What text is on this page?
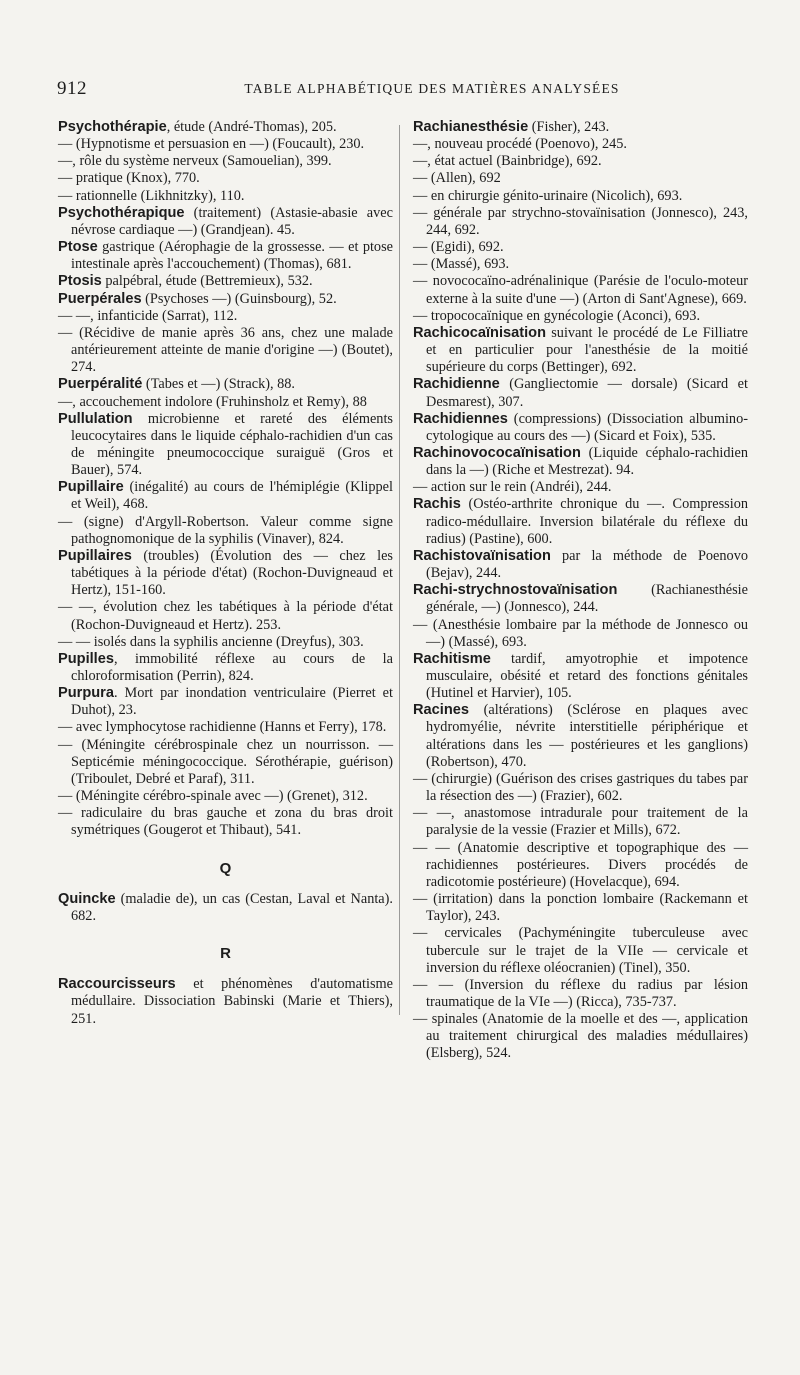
912	TABLE ALPHABÉTIQUE DES MATIÈRES ANALYSÉES

Psychothérapie, étude (André-Thomas), 205.

— (Hypnotisme et persuasion en —) (Foucault), 230.

—, rôle du système nerveux (Samouelian), 399.

— pratique (Knox), 770.

— rationnelle (Likhnitzky), 110.

Psychothérapique (traitement) (Astasie-abasie avec névrose cardiaque —) (Grandjean). 45.

Ptose gastrique (Aérophagie de la grossesse. — et ptose intestinale après l'accouchement) (Thomas), 681.

Ptosis palpébral, étude (Bettremieux), 532.

Puerpérales (Psychoses —) (Guinsbourg), 52.

— —, infanticide (Sarrat), 112.

— (Récidive de manie après 36 ans, chez une malade antérieurement atteinte de manie d'origine —) (Boutet), 274.

Puerpéralité (Tabes et —) (Strack), 88.

—, accouchement indolore (Fruhinsholz et Remy), 88

Pullulation microbienne et rareté des éléments leucocytaires dans le liquide céphalo-rachidien d'un cas de méningite pneumococcique suraiguë (Gros et Bauer), 574.

Pupillaire (inégalité) au cours de l'hémiplégie (Klippel et Weil), 468.

— (signe) d'Argyll-Robertson. Valeur comme signe pathognomonique de la syphilis (Vinaver), 824.

Pupillaires (troubles) (Évolution des — chez les tabétiques à la période d'état) (Rochon-Duvigneaud et Hertz), 151-160.

— —, évolution chez les tabétiques à la période d'état (Rochon-Duvigneaud et Hertz). 253.

— — isolés dans la syphilis ancienne (Dreyfus), 303.

Pupilles, immobilité réflexe au cours de la chloroformisation (Perrin), 824.

Purpura. Mort par inondation ventriculaire (Pierret et Duhot), 23.

— avec lymphocytose rachidienne (Hanns et Ferry), 178.

— (Méningite cérébrospinale chez un nourrisson. — Septicémie méningococcique. Sérothérapie, guérison) (Triboulet, Debré et Paraf), 311.

— (Méningite cérébro-spinale avec —) (Grenet), 312.

— radiculaire du bras gauche et zona du bras droit symétriques (Gougerot et Thibaut), 541.

Q

Quincke (maladie de), un cas (Cestan, Laval et Nanta). 682.

R

Raccourcisseurs et phénomènes d'automatisme médullaire. Dissociation Babinski (Marie et Thiers), 251.

Rachianesthésie (Fisher), 243.

—, nouveau procédé (Poenovo), 245.

—, état actuel (Bainbridge), 692.

— (Allen), 692

— en chirurgie génito-urinaire (Nicolich), 693.

— générale par strychno-stovaïnisation (Jonnesco), 243, 244, 692.

— (Egidi), 692.

— (Massé), 693.

— novococaïno-adrénalinique (Parésie de l'oculo-moteur externe à la suite d'une —) (Arton di Sant'Agnese), 669.

— tropococaïnique en gynécologie (Aconci), 693.

Rachicocaïnisation suivant le procédé de Le Filliatre et en particulier pour l'anesthésie de la moitié supérieure du corps (Bettinger), 692.

Rachidienne (Gangliectomie — dorsale) (Sicard et Desmarest), 307.

Rachidiennes (compressions) (Dissociation albumino-cytologique au cours des —) (Sicard et Foix), 535.

Rachinovococaïnisation (Liquide céphalo-rachidien dans la —) (Riche et Mestrezat). 94.

— action sur le rein (Andréi), 244.

Rachis (Ostéo-arthrite chronique du —. Compression radico-médullaire. Inversion bilatérale du réflexe du radius) (Pastine), 600.

Rachistovaïnisation par la méthode de Poenovo (Bejav), 244.

Rachi-strychnostovaïnisation (Rachianesthésie générale, —) (Jonnesco), 244.

— (Anesthésie lombaire par la méthode de Jonnesco ou —) (Massé), 693.

Rachitisme tardif, amyotrophie et impotence musculaire, obésité et retard des fonctions génitales (Hutinel et Harvier), 105.

Racines (altérations) (Sclérose en plaques avec hydromyélie, névrite interstitielle périphérique et altérations dans les — postérieures et les ganglions) (Robertson), 470.

— (chirurgie) (Guérison des crises gastriques du tabes par la résection des —) (Frazier), 602.

— —, anastomose intradurale pour traitement de la paralysie de la vessie (Frazier et Mills), 672.

— — (Anatomie descriptive et topographique des — rachidiennes postérieures. Divers procédés de radicotomie postérieure) (Hovelacque), 694.

— (irritation) dans la ponction lombaire (Rackemann et Taylor), 243.

— cervicales (Pachyméningite tuberculeuse avec tubercule sur le trajet de la VIIe — cervicale et inversion du réflexe oléocranien) (Tinel), 350.

— — (Inversion du réflexe du radius par lésion traumatique de la VIe —) (Ricca), 735-737.

— spinales (Anatomie de la moelle et des —, application au traitement chirurgical des maladies médullaires) (Elsberg), 524.
